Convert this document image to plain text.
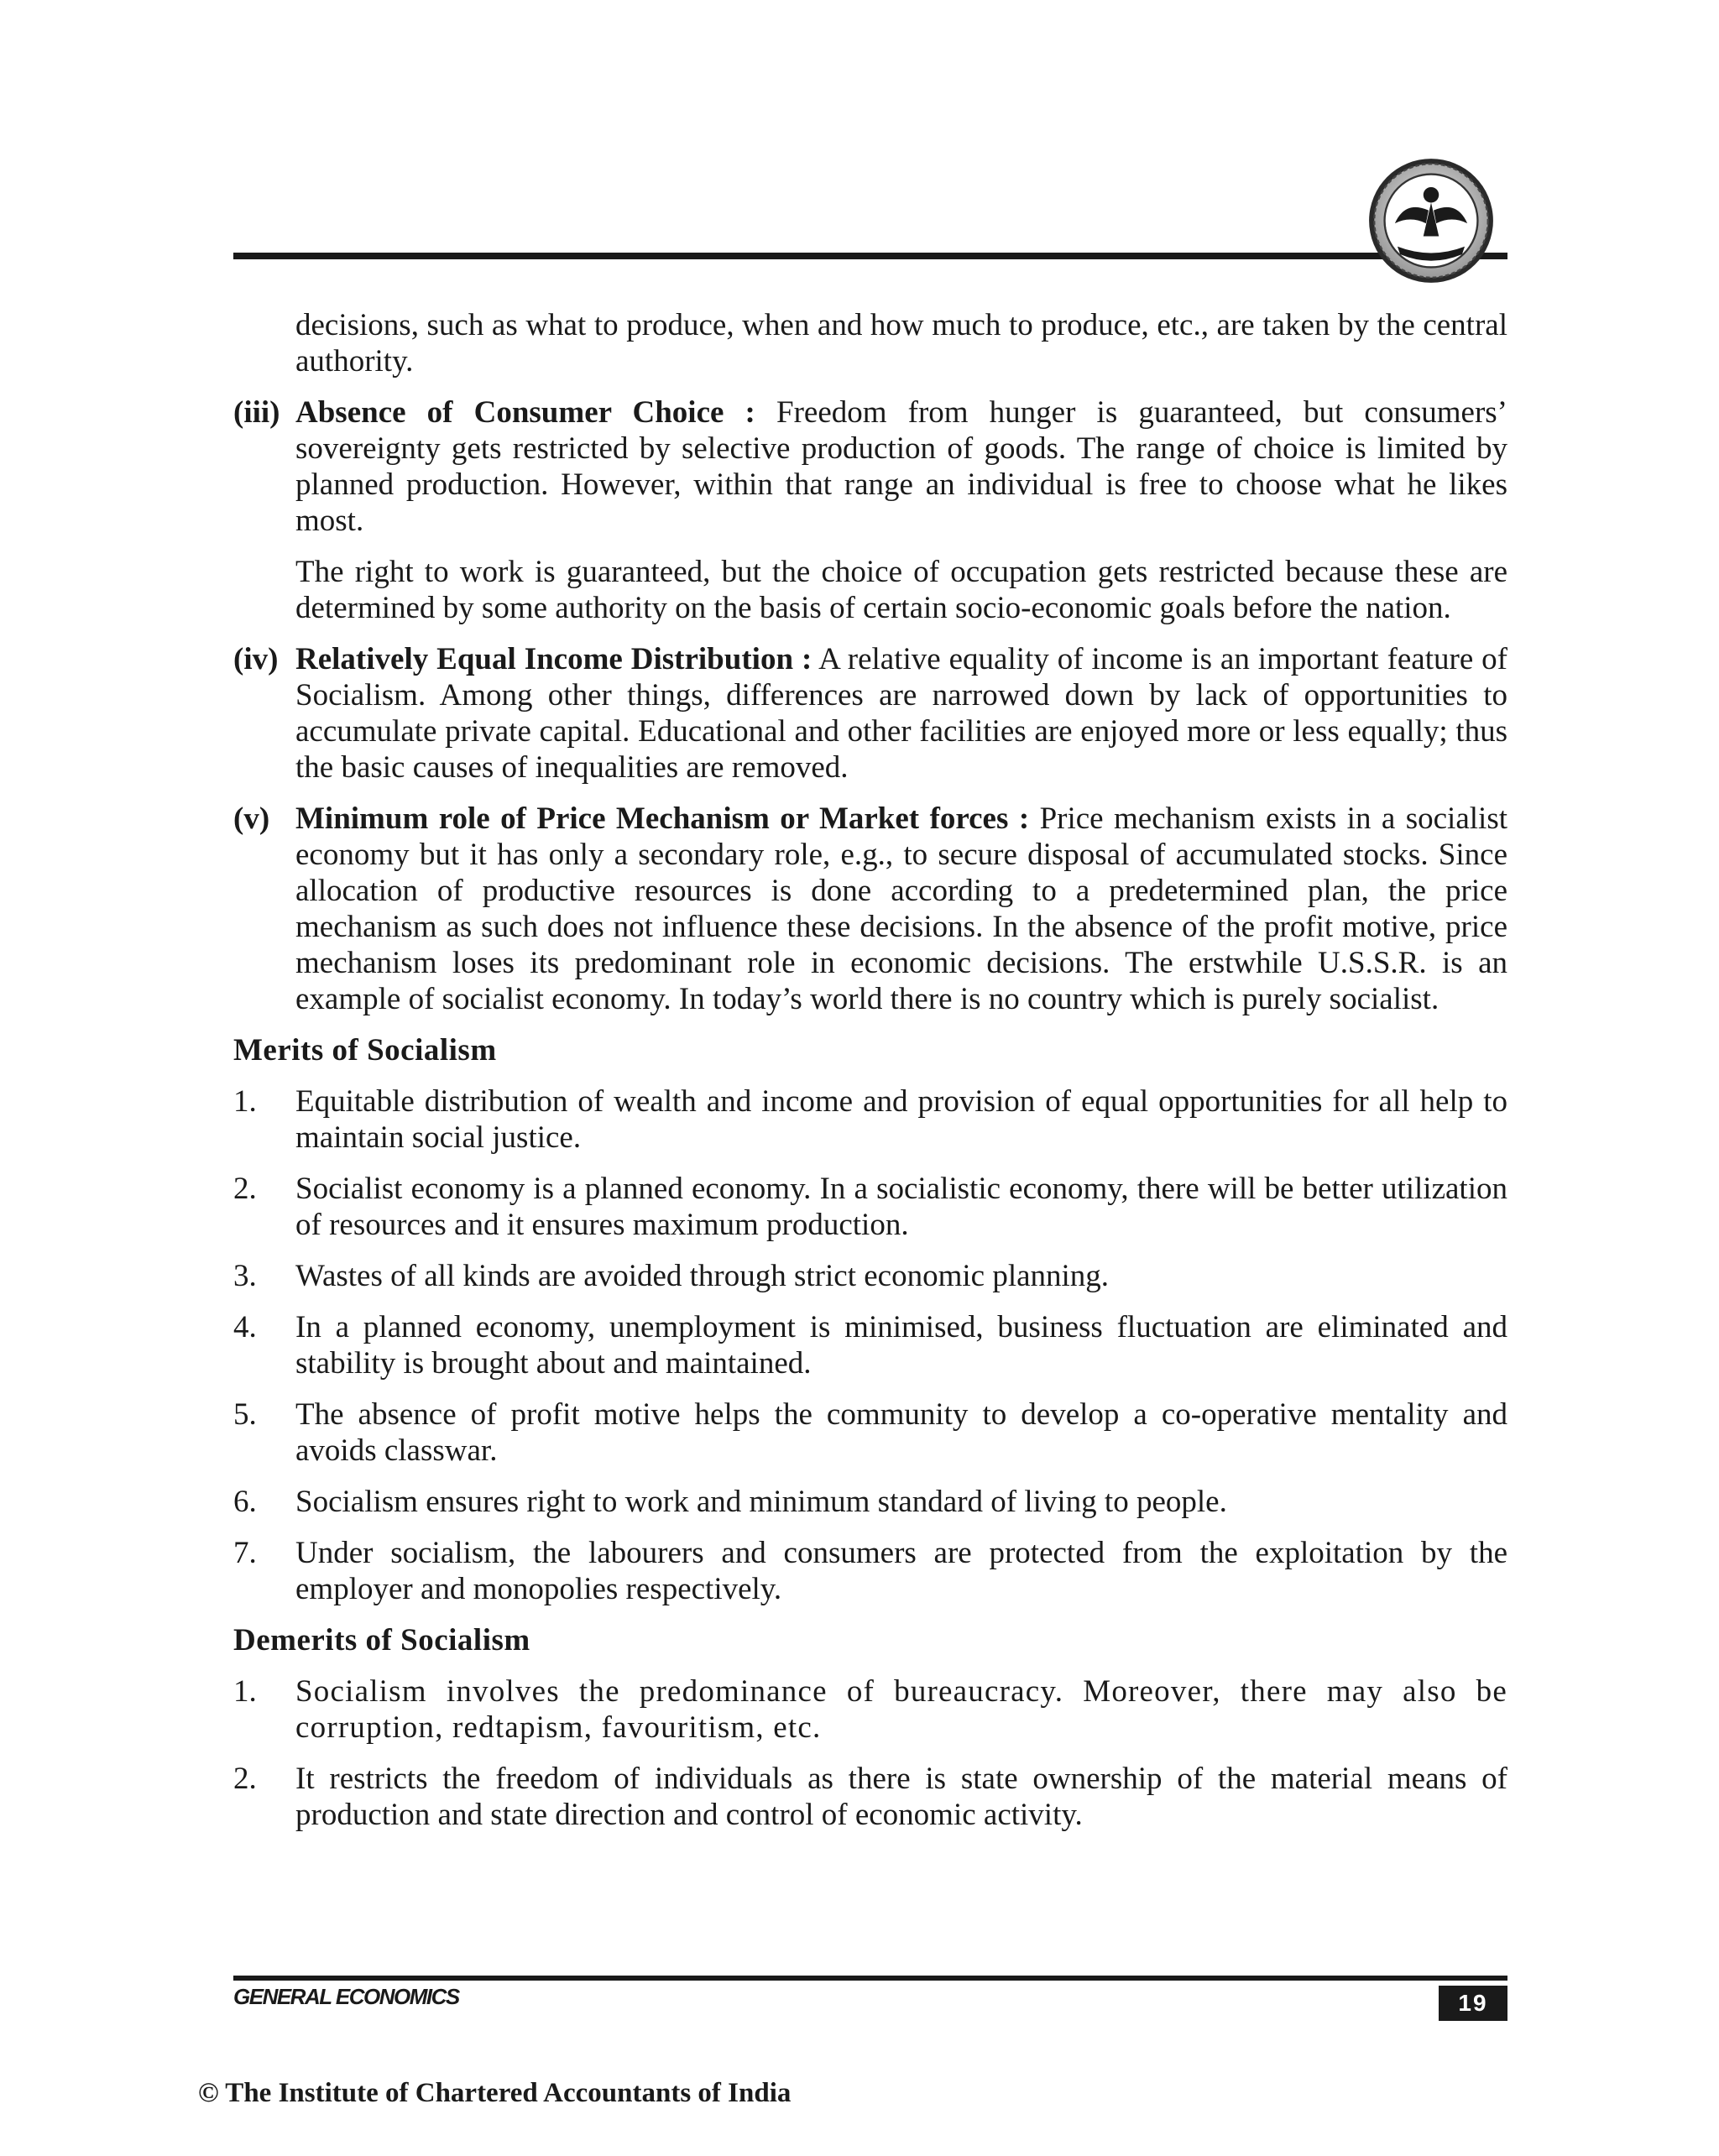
decisions, such as what to produce, when and how much to produce, etc., are taken by the central authority.

(iii) Absence of Consumer Choice : Freedom from hunger is guaranteed, but consumers’ sovereignty gets restricted by selective production of goods. The range of choice is limited by planned production. However, within that range an individual is free to choose what he likes most.

The right to work is guaranteed, but the choice of occupation gets restricted because these are determined by some authority on the basis of certain socio-economic goals before the nation.

(iv) Relatively Equal Income Distribution : A relative equality of income is an important feature of Socialism. Among other things, differences are narrowed down by lack of opportunities to accumulate private capital. Educational and other facilities are enjoyed more or less equally; thus the basic causes of inequalities are removed.

(v) Minimum role of Price Mechanism or Market forces : Price mechanism exists in a socialist economy but it has only a secondary role, e.g., to secure disposal of accumulated stocks. Since allocation of productive resources is done according to a predetermined plan, the price mechanism as such does not influence these decisions. In the absence of the profit motive, price mechanism loses its predominant role in economic decisions. The erstwhile U.S.S.R. is an example of socialist economy. In today’s world there is no country which is purely socialist.

Merits of Socialism
1.	Equitable distribution of wealth and income and provision of equal opportunities for all help to maintain social justice.

2.	Socialist economy is a planned economy. In a socialistic economy, there will be better utilization of resources and it ensures maximum production.

3.	Wastes of all kinds are avoided through strict economic planning.

4.	In a planned economy, unemployment is minimised, business fluctuation are eliminated and stability is brought about and maintained.

5.	The absence of profit motive helps the community to develop a co-operative mentality and avoids classwar.

6.	Socialism ensures right to work and minimum standard of living to people.

7.	Under socialism, the labourers and consumers are protected from the exploitation by the employer and monopolies respectively.

Demerits of Socialism
1.	Socialism involves the predominance of bureaucracy. Moreover, there may also be corruption, redtapism, favouritism, etc.

2.	It restricts the freedom of individuals as there is state ownership of the material means of production and state direction and control of economic activity.

GENERAL ECONOMICS	19
© The Institute of Chartered Accountants of India
